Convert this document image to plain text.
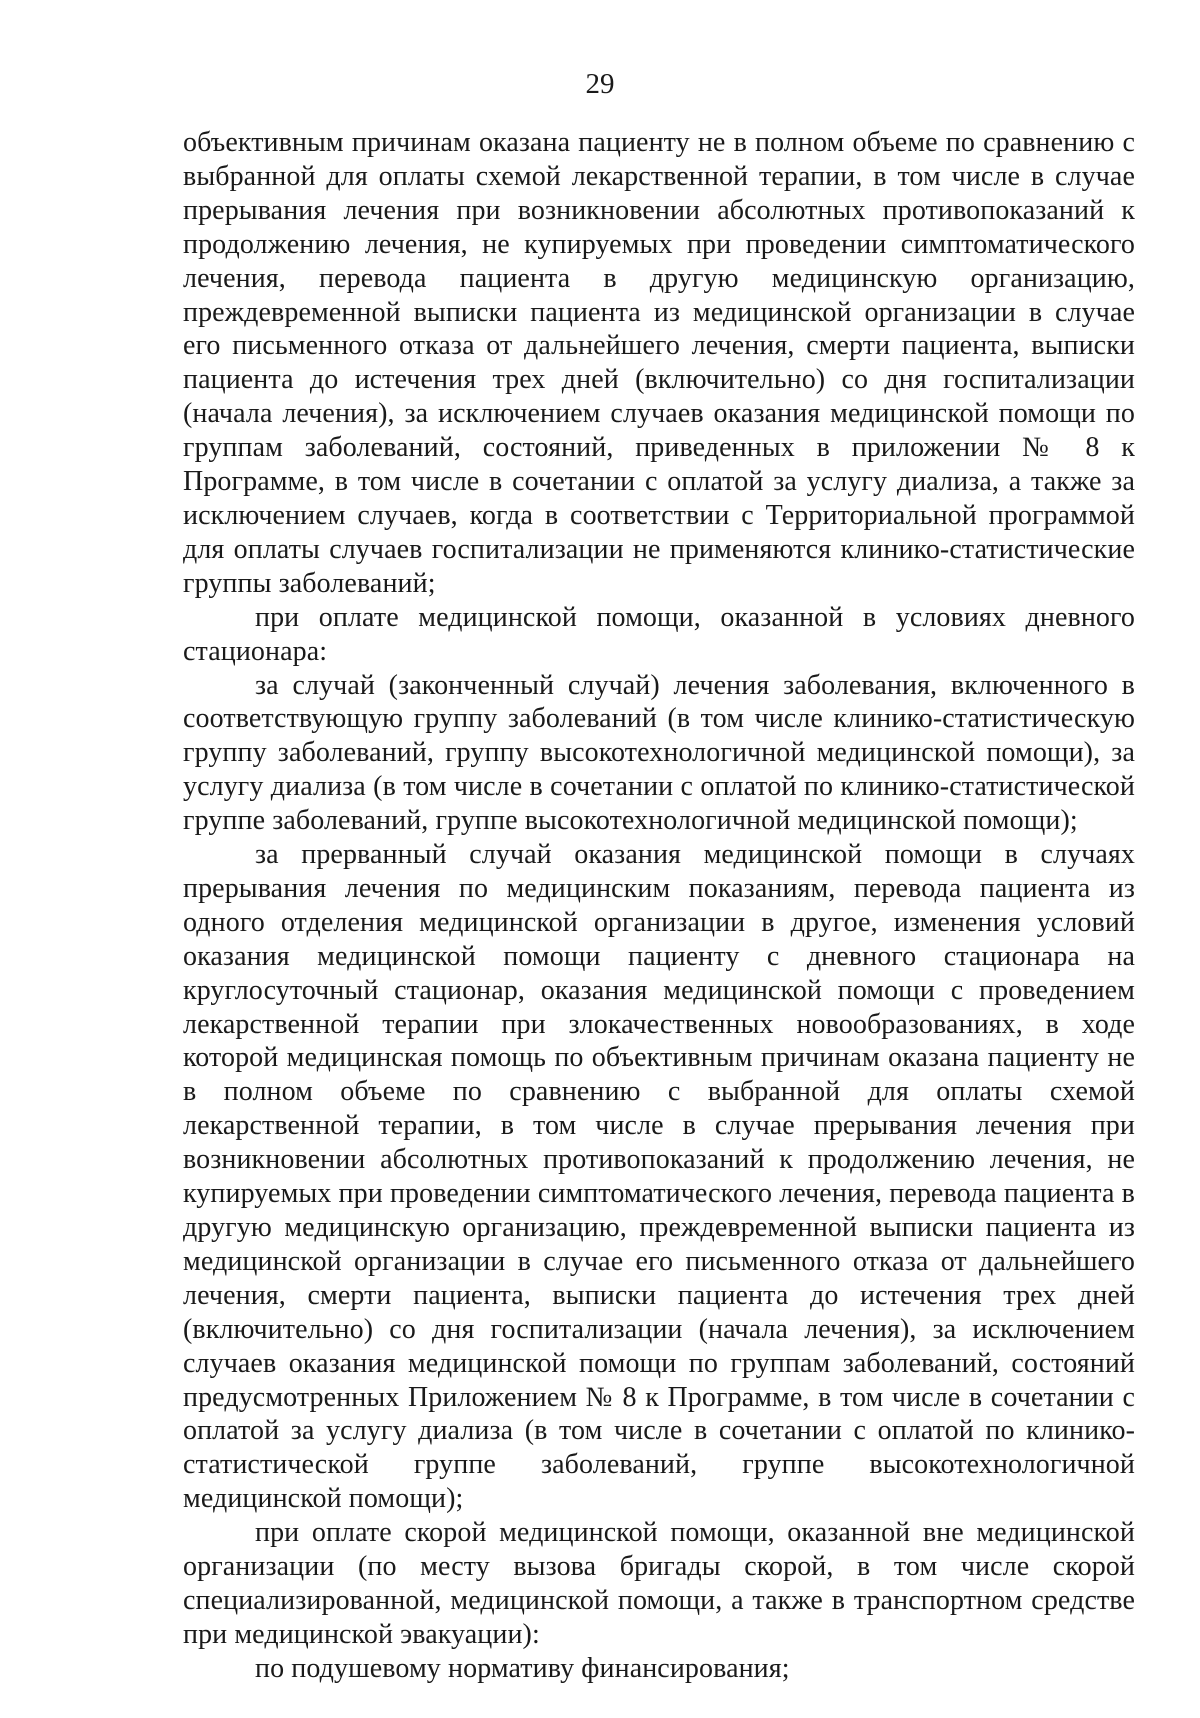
29

объективным причинам оказана пациенту не в полном объеме по сравнению с выбранной для оплаты схемой лекарственной терапии, в том числе в случае прерывания лечения при возникновении абсолютных противопоказаний к продолжению лечения, не купируемых при проведении симптоматического лечения, перевода пациента в другую медицинскую организацию, преждевременной выписки пациента из медицинской организации в случае его письменного отказа от дальнейшего лечения, смерти пациента, выписки пациента до истечения трех дней (включительно) со дня госпитализации (начала лечения), за исключением случаев оказания медицинской помощи по группам заболеваний, состояний, приведенных в приложении № 8 к Программе, в том числе в сочетании с оплатой за услугу диализа, а также за исключением случаев, когда в соответствии с Территориальной программой для оплаты случаев госпитализации не применяются клинико-статистические группы заболеваний;

при оплате медицинской помощи, оказанной в условиях дневного стационара:

за случай (законченный случай) лечения заболевания, включенного в соответствующую группу заболеваний (в том числе клинико-статистическую группу заболеваний, группу высокотехнологичной медицинской помощи), за услугу диализа (в том числе в сочетании с оплатой по клинико-статистической группе заболеваний, группе высокотехнологичной медицинской помощи);

за прерванный случай оказания медицинской помощи в случаях прерывания лечения по медицинским показаниям, перевода пациента из одного отделения медицинской организации в другое, изменения условий оказания медицинской помощи пациенту с дневного стационара на круглосуточный стационар, оказания медицинской помощи с проведением лекарственной терапии при злокачественных новообразованиях, в ходе которой медицинская помощь по объективным причинам оказана пациенту не в полном объеме по сравнению с выбранной для оплаты схемой лекарственной терапии, в том числе в случае прерывания лечения при возникновении абсолютных противопоказаний к продолжению лечения, не купируемых при проведении симптоматического лечения, перевода пациента в другую медицинскую организацию, преждевременной выписки пациента из медицинской организации в случае его письменного отказа от дальнейшего лечения, смерти пациента, выписки пациента до истечения трех дней (включительно) со дня госпитализации (начала лечения), за исключением случаев оказания медицинской помощи по группам заболеваний, состояний предусмотренных Приложением № 8 к Программе, в том числе в сочетании с оплатой за услугу диализа (в том числе в сочетании с оплатой по клинико-статистической группе заболеваний, группе высокотехнологичной медицинской помощи);

при оплате скорой медицинской помощи, оказанной вне медицинской организации (по месту вызова бригады скорой, в том числе скорой специализированной, медицинской помощи, а также в транспортном средстве при медицинской эвакуации):

по подушевому нормативу финансирования;
